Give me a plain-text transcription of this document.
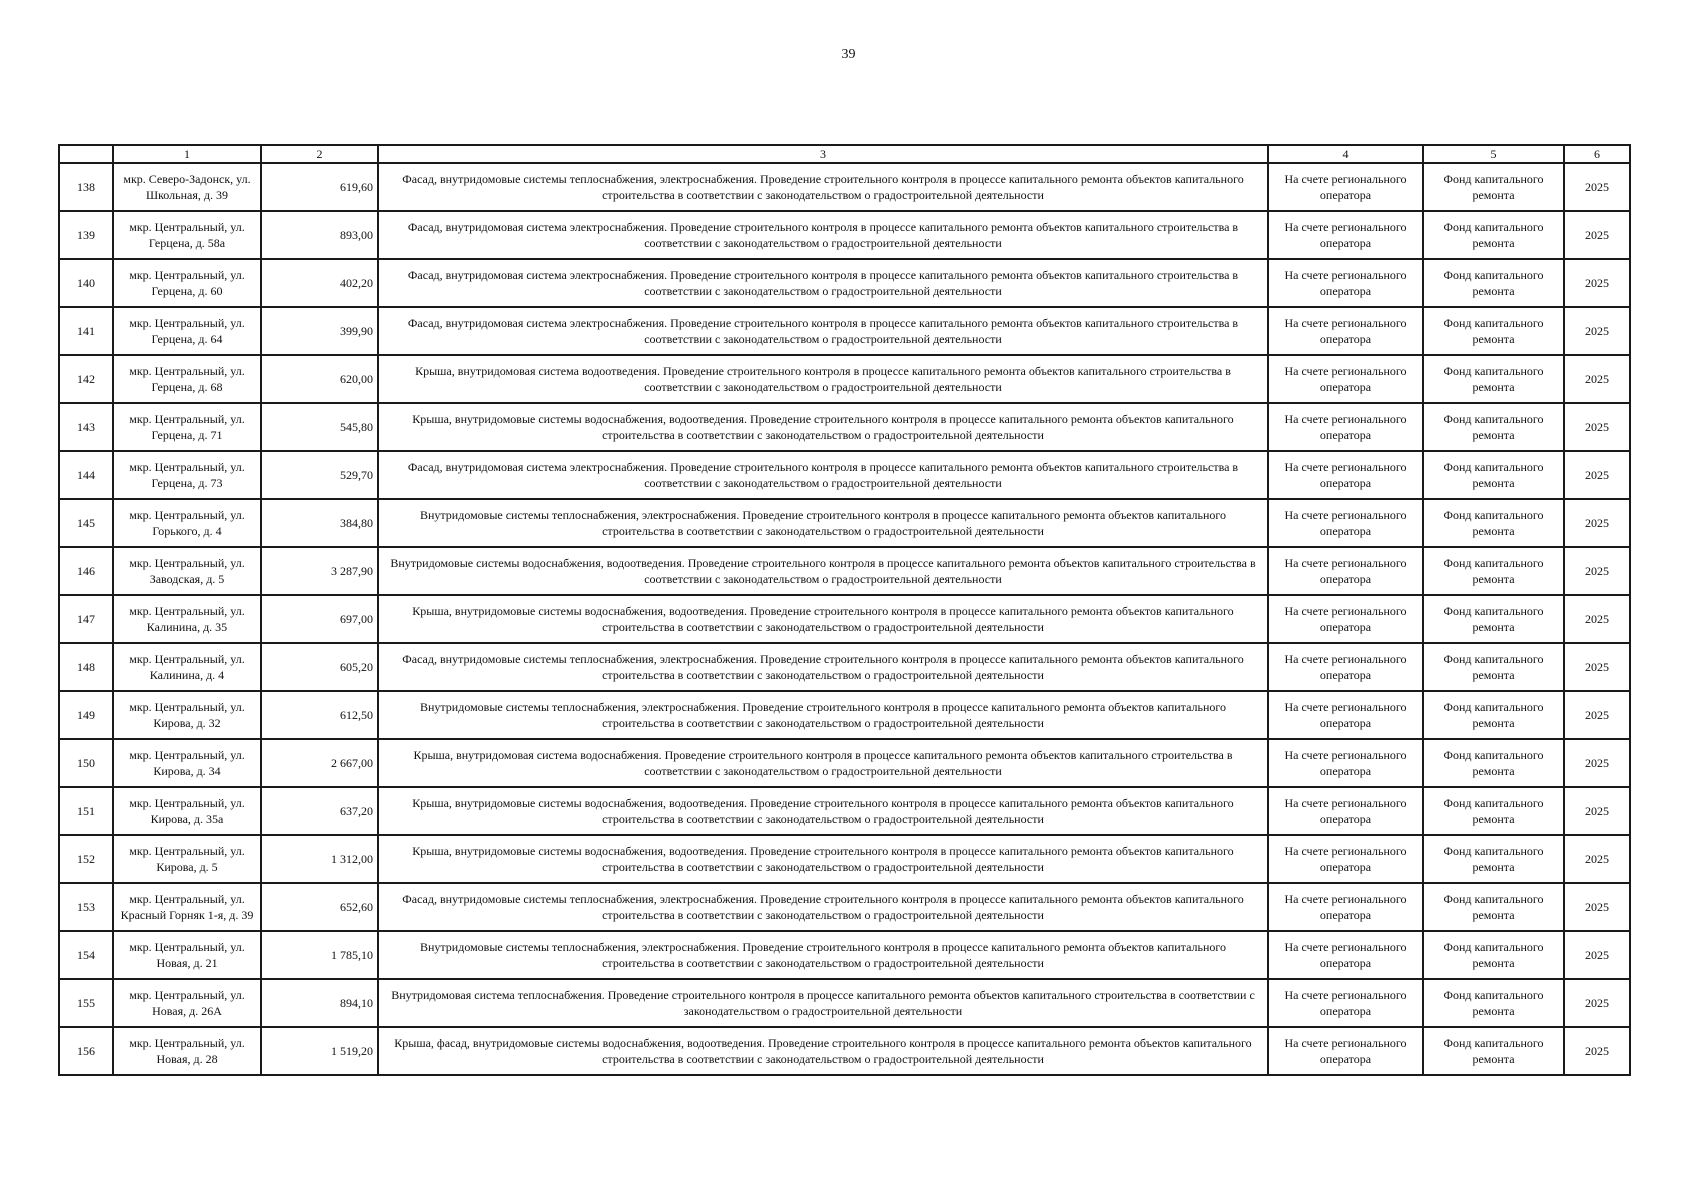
39
	1	2	3	4	5	6
138	мкр. Северо-Задонск, ул. Школьная, д. 39	619,60	Фасад, внутридомовые системы теплоснабжения, электроснабжения. Проведение строительного контроля в процессе капитального ремонта объектов капитального строительства в соответствии с законодательством о градостроительной деятельности	На счете регионального оператора	Фонд капитального ремонта	2025
139	мкр. Центральный, ул. Герцена, д. 58а	893,00	Фасад, внутридомовая система электроснабжения. Проведение строительного контроля в процессе капитального ремонта объектов капитального строительства в соответствии с законодательством о градостроительной деятельности	На счете регионального оператора	Фонд капитального ремонта	2025
140	мкр. Центральный, ул. Герцена, д. 60	402,20	Фасад, внутридомовая система электроснабжения. Проведение строительного контроля в процессе капитального ремонта объектов капитального строительства в соответствии с законодательством о градостроительной деятельности	На счете регионального оператора	Фонд капитального ремонта	2025
141	мкр. Центральный, ул. Герцена, д. 64	399,90	Фасад, внутридомовая система электроснабжения. Проведение строительного контроля в процессе капитального ремонта объектов капитального строительства в соответствии с законодательством о градостроительной деятельности	На счете регионального оператора	Фонд капитального ремонта	2025
142	мкр. Центральный, ул. Герцена, д. 68	620,00	Крыша, внутридомовая система водоотведения. Проведение строительного контроля в процессе капитального ремонта объектов капитального строительства в соответствии с законодательством о градостроительной деятельности	На счете регионального оператора	Фонд капитального ремонта	2025
143	мкр. Центральный, ул. Герцена, д. 71	545,80	Крыша, внутридомовые системы водоснабжения, водоотведения. Проведение строительного контроля в процессе капитального ремонта объектов капитального строительства в соответствии с законодательством о градостроительной деятельности	На счете регионального оператора	Фонд капитального ремонта	2025
144	мкр. Центральный, ул. Герцена, д. 73	529,70	Фасад, внутридомовая система электроснабжения. Проведение строительного контроля в процессе капитального ремонта объектов капитального строительства в соответствии с законодательством о градостроительной деятельности	На счете регионального оператора	Фонд капитального ремонта	2025
145	мкр. Центральный, ул. Горького, д. 4	384,80	Внутридомовые системы теплоснабжения, электроснабжения. Проведение строительного контроля в процессе капитального ремонта объектов капитального строительства в соответствии с законодательством о градостроительной деятельности	На счете регионального оператора	Фонд капитального ремонта	2025
146	мкр. Центральный, ул. Заводская, д. 5	3 287,90	Внутридомовые системы водоснабжения, водоотведения. Проведение строительного контроля в процессе капитального ремонта объектов капитального строительства в соответствии с законодательством о градостроительной деятельности	На счете регионального оператора	Фонд капитального ремонта	2025
147	мкр. Центральный, ул. Калинина, д. 35	697,00	Крыша, внутридомовые системы водоснабжения, водоотведения. Проведение строительного контроля в процессе капитального ремонта объектов капитального строительства в соответствии с законодательством о градостроительной деятельности	На счете регионального оператора	Фонд капитального ремонта	2025
148	мкр. Центральный, ул. Калинина, д. 4	605,20	Фасад, внутридомовые системы теплоснабжения, электроснабжения. Проведение строительного контроля в процессе капитального ремонта объектов капитального строительства в соответствии с законодательством о градостроительной деятельности	На счете регионального оператора	Фонд капитального ремонта	2025
149	мкр. Центральный, ул. Кирова, д. 32	612,50	Внутридомовые системы теплоснабжения, электроснабжения. Проведение строительного контроля в процессе капитального ремонта объектов капитального строительства в соответствии с законодательством о градостроительной деятельности	На счете регионального оператора	Фонд капитального ремонта	2025
150	мкр. Центральный, ул. Кирова, д. 34	2 667,00	Крыша, внутридомовая система водоснабжения. Проведение строительного контроля в процессе капитального ремонта объектов капитального строительства в соответствии с законодательством о градостроительной деятельности	На счете регионального оператора	Фонд капитального ремонта	2025
151	мкр. Центральный, ул. Кирова, д. 35а	637,20	Крыша, внутридомовые системы водоснабжения, водоотведения. Проведение строительного контроля в процессе капитального ремонта объектов капитального строительства в соответствии с законодательством о градостроительной деятельности	На счете регионального оператора	Фонд капитального ремонта	2025
152	мкр. Центральный, ул. Кирова, д. 5	1 312,00	Крыша, внутридомовые системы водоснабжения, водоотведения. Проведение строительного контроля в процессе капитального ремонта объектов капитального строительства в соответствии с законодательством о градостроительной деятельности	На счете регионального оператора	Фонд капитального ремонта	2025
153	мкр. Центральный, ул. Красный Горняк 1-я, д. 39	652,60	Фасад, внутридомовые системы теплоснабжения, электроснабжения. Проведение строительного контроля в процессе капитального ремонта объектов капитального строительства в соответствии с законодательством о градостроительной деятельности	На счете регионального оператора	Фонд капитального ремонта	2025
154	мкр. Центральный, ул. Новая, д. 21	1 785,10	Внутридомовые системы теплоснабжения, электроснабжения. Проведение строительного контроля в процессе капитального ремонта объектов капитального строительства в соответствии с законодательством о градостроительной деятельности	На счете регионального оператора	Фонд капитального ремонта	2025
155	мкр. Центральный, ул. Новая, д. 26А	894,10	Внутридомовая система теплоснабжения. Проведение строительного контроля в процессе капитального ремонта объектов капитального строительства в соответствии с законодательством о градостроительной деятельности	На счете регионального оператора	Фонд капитального ремонта	2025
156	мкр. Центральный, ул. Новая, д. 28	1 519,20	Крыша, фасад, внутридомовые системы водоснабжения, водоотведения. Проведение строительного контроля в процессе капитального ремонта объектов капитального строительства в соответствии с законодательством о градостроительной деятельности	На счете регионального оператора	Фонд капитального ремонта	2025
